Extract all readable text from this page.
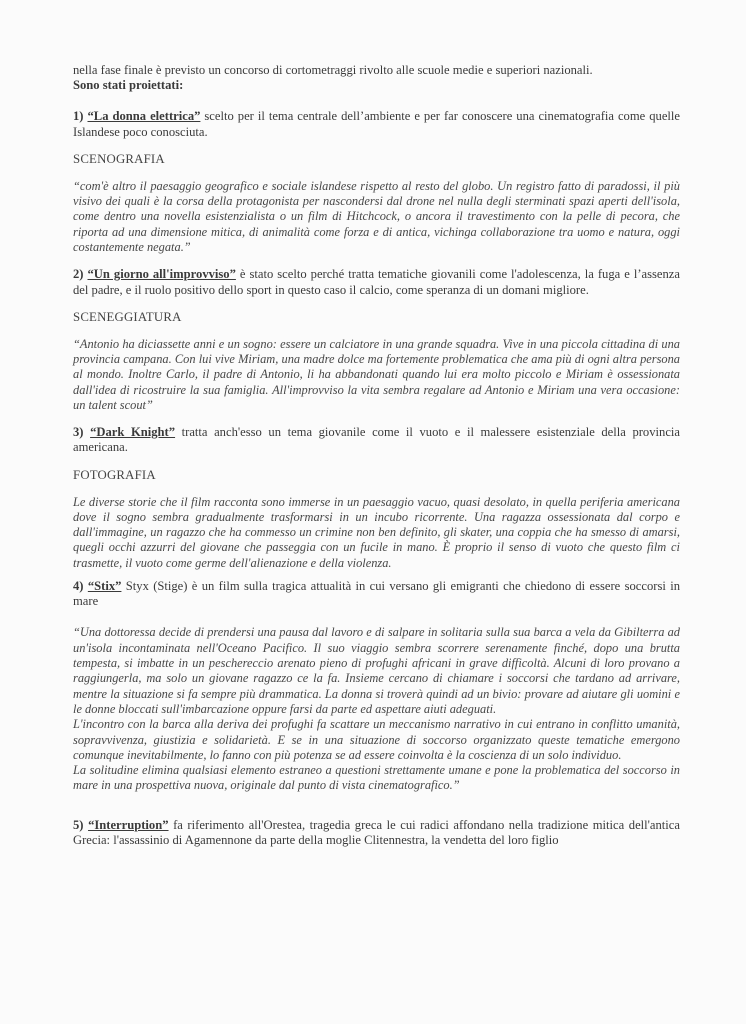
nella fase finale è previsto un concorso di cortometraggi rivolto alle scuole medie e superiori nazionali.

Sono stati proiettati:

1) “La donna elettrica” scelto per il tema centrale dell’ambiente e per far conoscere una cinematografia come quelle Islandese poco conosciuta.

SCENOGRAFIA

“com'è altro il paesaggio geografico e sociale islandese rispetto al resto del globo. Un registro fatto di paradossi, il più visivo dei quali è la corsa della protagonista per nascondersi dal drone nel nulla degli sterminati spazi aperti dell'isola, come dentro una novella esistenzialista o un film di Hitchcock, o ancora il travestimento con la pelle di pecora, che riporta ad una dimensione mitica, di animalità come forza e di antica, vichinga collaborazione tra uomo e natura, oggi costantemente negata.”

2) “Un giorno all'improvviso” è stato scelto perché tratta tematiche giovanili come l'adolescenza, la fuga e l’assenza del padre, e il ruolo positivo dello sport in questo caso il calcio, come speranza di un domani migliore.

SCENEGGIATURA

“Antonio ha diciassette anni e un sogno: essere un calciatore in una grande squadra. Vive in una piccola cittadina di una provincia campana. Con lui vive Miriam, una madre dolce ma fortemente problematica che ama più di ogni altra persona al mondo. Inoltre Carlo, il padre di Antonio, li ha abbandonati quando lui era molto piccolo e Miriam è ossessionata dall'idea di ricostruire la sua famiglia. All'improvviso la vita sembra regalare ad Antonio e Miriam una vera occasione: un talent scout”

3) “Dark Knight” tratta anch'esso un tema giovanile come il vuoto e il malessere esistenziale della provincia americana.

FOTOGRAFIA

Le diverse storie che il film racconta sono immerse in un paesaggio vacuo, quasi desolato, in quella periferia americana dove il sogno sembra gradualmente trasformarsi in un incubo ricorrente. Una ragazza ossessionata dal corpo e dall'immagine, un ragazzo che ha commesso un crimine non ben definito, gli skater, una coppia che ha smesso di amarsi, quegli occhi azzurri del giovane che passeggia con un fucile in mano. È proprio il senso di vuoto che questo film ci trasmette, il vuoto come germe dell'alienazione e della violenza.

4) “Stix” Styx (Stige) è un film sulla tragica attualità in cui versano gli emigranti che chiedono di essere soccorsi in mare

“Una dottoressa decide di prendersi una pausa dal lavoro e di salpare in solitaria sulla sua barca a vela da Gibilterra ad un'isola incontaminata nell'Oceano Pacifico. Il suo viaggio sembra scorrere serenamente finché, dopo una brutta tempesta, si imbatte in un peschereccio arenato pieno di profughi africani in grave difficoltà. Alcuni di loro provano a raggiungerla, ma solo un giovane ragazzo ce la fa. Insieme cercano di chiamare i soccorsi che tardano ad arrivare, mentre la situazione si fa sempre più drammatica. La donna si troverà quindi ad un bivio: provare ad aiutare gli uomini e le donne bloccati sull'imbarcazione oppure farsi da parte ed aspettare aiuti adeguati.

L'incontro con la barca alla deriva dei profughi fa scattare un meccanismo narrativo in cui entrano in conflitto umanità, sopravvivenza, giustizia e solidarietà. E se in una situazione di soccorso organizzato queste tematiche emergono comunque inevitabilmente, lo fanno con più potenza se ad essere coinvolta è la coscienza di un solo individuo.

La solitudine elimina qualsiasi elemento estraneo a questioni strettamente umane e pone la problematica del soccorso in mare in una prospettiva nuova, originale dal punto di vista cinematografico.”

5) “Interruption” fa riferimento all'Orestea, tragedia greca le cui radici affondano nella tradizione mitica dell'antica Grecia: l'assassinio di Agamennone da parte della moglie Clitennestra, la vendetta del loro figlio
